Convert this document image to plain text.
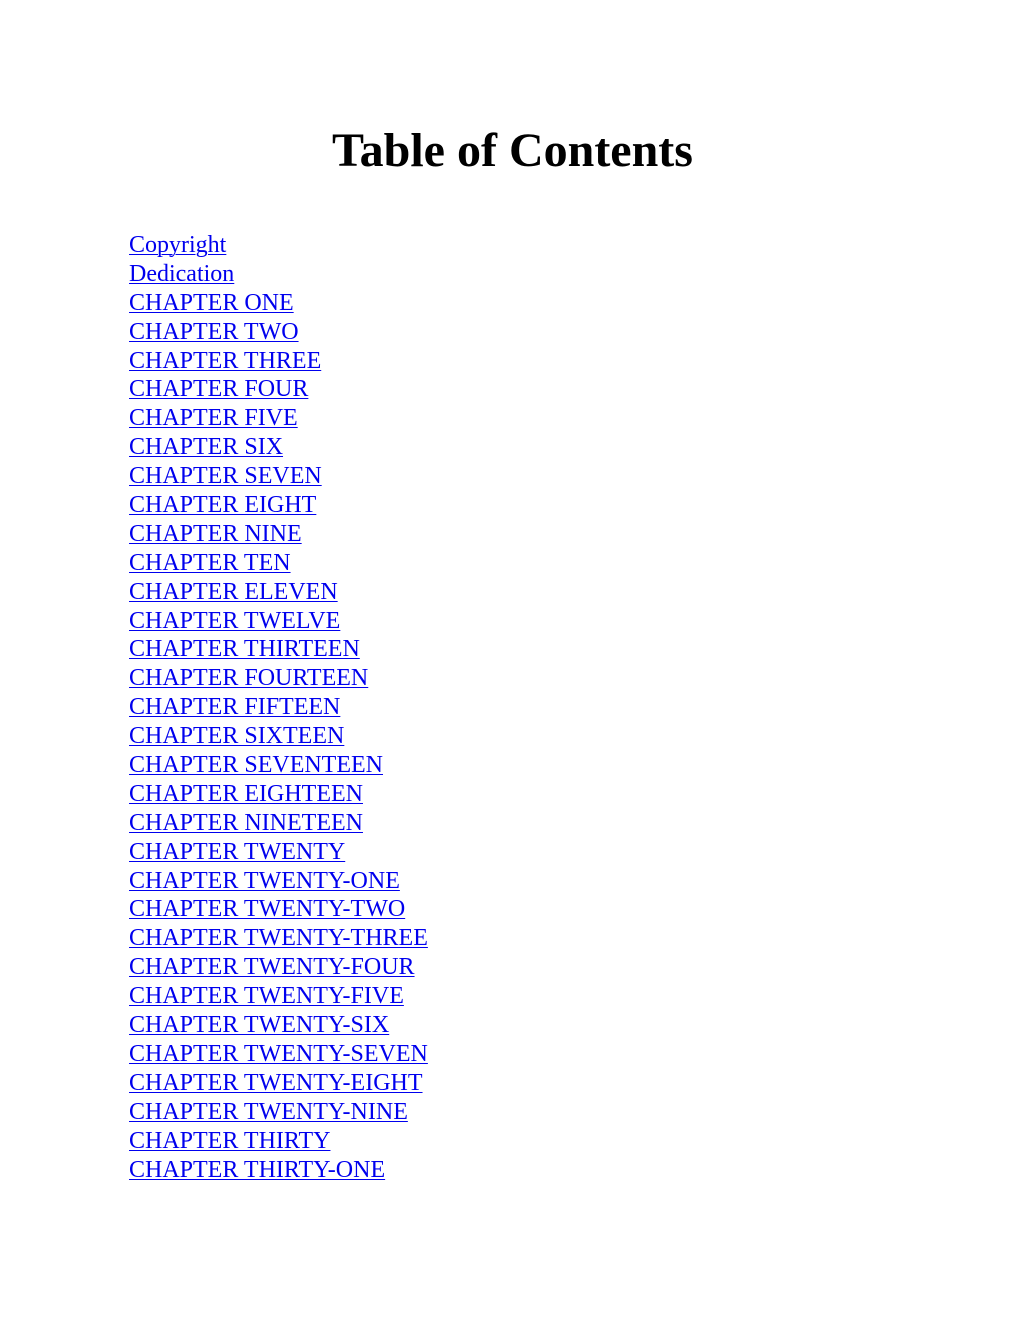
Table of Contents
Copyright
Dedication
CHAPTER ONE
CHAPTER TWO
CHAPTER THREE
CHAPTER FOUR
CHAPTER FIVE
CHAPTER SIX
CHAPTER SEVEN
CHAPTER EIGHT
CHAPTER NINE
CHAPTER TEN
CHAPTER ELEVEN
CHAPTER TWELVE
CHAPTER THIRTEEN
CHAPTER FOURTEEN
CHAPTER FIFTEEN
CHAPTER SIXTEEN
CHAPTER SEVENTEEN
CHAPTER EIGHTEEN
CHAPTER NINETEEN
CHAPTER TWENTY
CHAPTER TWENTY-ONE
CHAPTER TWENTY-TWO
CHAPTER TWENTY-THREE
CHAPTER TWENTY-FOUR
CHAPTER TWENTY-FIVE
CHAPTER TWENTY-SIX
CHAPTER TWENTY-SEVEN
CHAPTER TWENTY-EIGHT
CHAPTER TWENTY-NINE
CHAPTER THIRTY
CHAPTER THIRTY-ONE
